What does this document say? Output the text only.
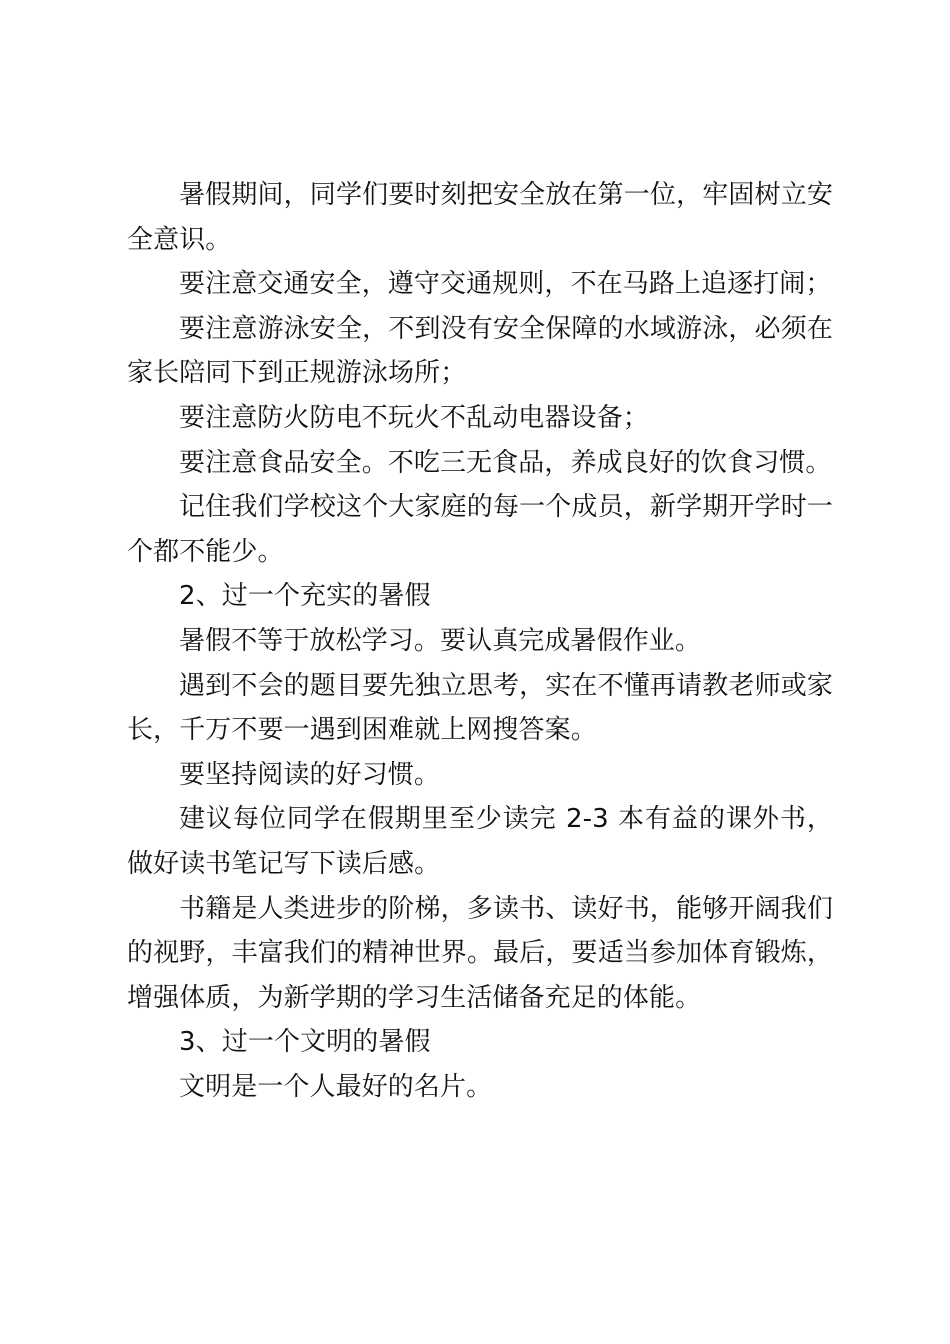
暑假期间，同学们要时刻把安全放在第一位，牢固树立安全意识。

要注意交通安全，遵守交通规则，不在马路上追逐打闹；

要注意游泳安全，不到没有安全保障的水域游泳，必须在家长陪同下到正规游泳场所；

要注意防火防电不玩火不乱动电器设备；

要注意食品安全。不吃三无食品，养成良好的饮食习惯。

记住我们学校这个大家庭的每一个成员，新学期开学时一个都不能少。

2、过一个充实的暑假

暑假不等于放松学习。要认真完成暑假作业。

遇到不会的题目要先独立思考，实在不懂再请教老师或家长，千万不要一遇到困难就上网搜答案。

要坚持阅读的好习惯。

建议每位同学在假期里至少读完 2-3 本有益的课外书，做好读书笔记写下读后感。

书籍是人类进步的阶梯，多读书、读好书，能够开阔我们的视野，丰富我们的精神世界。最后，要适当参加体育锻炼，增强体质，为新学期的学习生活储备充足的体能。

3、过一个文明的暑假

文明是一个人最好的名片。
